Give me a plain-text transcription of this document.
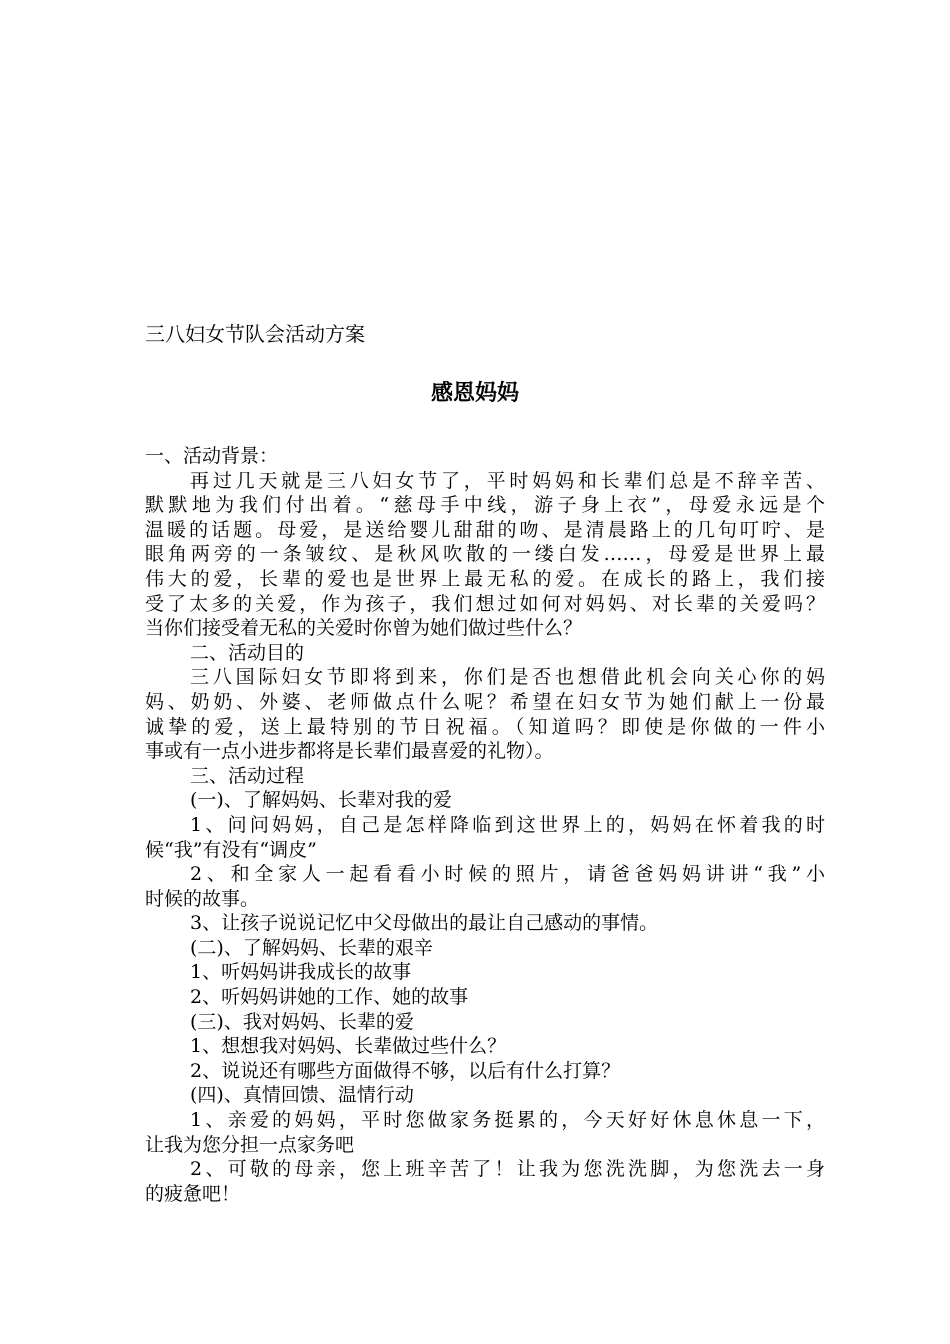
三八妇女节队会活动方案
感恩妈妈
一、活动背景：
再过几天就是三八妇女节了，平时妈妈和长辈们总是不辞辛苦、
默默地为我们付出着。“慈母手中线，游子身上衣”，母爱永远是个
温暖的话题。母爱，是送给婴儿甜甜的吻、是清晨路上的几句叮咛、是
眼角两旁的一条皱纹、是秋风吹散的一缕白发……，母爱是世界上最
伟大的爱，长辈的爱也是世界上最无私的爱。在成长的路上，我们接
受了太多的关爱，作为孩子，我们想过如何对妈妈、对长辈的关爱吗？
当你们接受着无私的关爱时你曾为她们做过些什么？
二、活动目的
三八国际妇女节即将到来，你们是否也想借此机会向关心你的妈
妈、奶奶、外婆、老师做点什么呢？希望在妇女节为她们献上一份最
诚挚的爱，送上最特别的节日祝福。（知道吗？即使是你做的一件小
事或有一点小进步都将是长辈们最喜爱的礼物）。
三、活动过程
(一)、了解妈妈、长辈对我的爱
1、问问妈妈，自己是怎样降临到这世界上的，妈妈在怀着我的时
候“我”有没有“调皮”
2、和全家人一起看看小时候的照片，请爸爸妈妈讲讲“我”小
时候的故事。
3、让孩子说说记忆中父母做出的最让自己感动的事情。
(二)、了解妈妈、长辈的艰辛
1、听妈妈讲我成长的故事
2、听妈妈讲她的工作、她的故事
(三)、我对妈妈、长辈的爱
1、想想我对妈妈、长辈做过些什么？
2、说说还有哪些方面做得不够，以后有什么打算？
(四)、真情回馈、温情行动
1、亲爱的妈妈，平时您做家务挺累的，今天好好休息休息一下，
让我为您分担一点家务吧
2、可敬的母亲，您上班辛苦了！让我为您洗洗脚，为您洗去一身
的疲惫吧！
